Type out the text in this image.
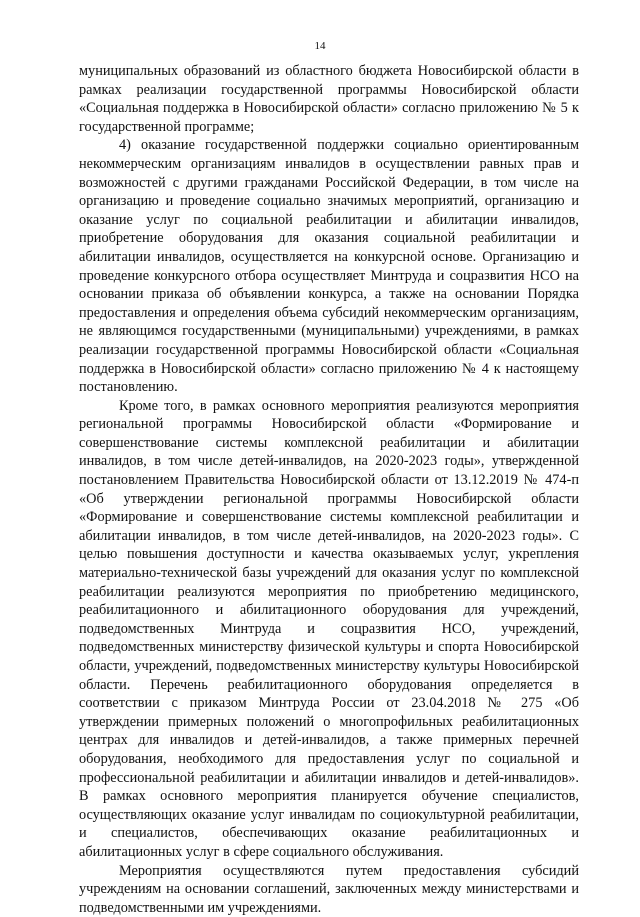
14

муниципальных образований из областного бюджета Новосибирской области в рамках реализации государственной программы Новосибирской области «Социальная поддержка в Новосибирской области» согласно приложению № 5 к государственной программе;

4) оказание государственной поддержки социально ориентированным некоммерческим организациям инвалидов в осуществлении равных прав и возможностей с другими гражданами Российской Федерации, в том числе на организацию и проведение социально значимых мероприятий, организацию и оказание услуг по социальной реабилитации и абилитации инвалидов, приобретение оборудования для оказания социальной реабилитации и абилитации инвалидов, осуществляется на конкурсной основе. Организацию и проведение конкурсного отбора осуществляет Минтруда и соцразвития НСО на основании приказа об объявлении конкурса, а также на основании Порядка предоставления и определения объема субсидий некоммерческим организациям, не являющимся государственными (муниципальными) учреждениями, в рамках реализации государственной программы Новосибирской области «Социальная поддержка в Новосибирской области» согласно приложению № 4 к настоящему постановлению.

Кроме того, в рамках основного мероприятия реализуются мероприятия региональной программы Новосибирской области «Формирование и совершенствование системы комплексной реабилитации и абилитации инвалидов, в том числе детей-инвалидов, на 2020-2023 годы», утвержденной постановлением Правительства Новосибирской области от 13.12.2019 № 474-п «Об утверждении региональной программы Новосибирской области «Формирование и совершенствование системы комплексной реабилитации и абилитации инвалидов, в том числе детей-инвалидов, на 2020-2023 годы». С целью повышения доступности и качества оказываемых услуг, укрепления материально-технической базы учреждений для оказания услуг по комплексной реабилитации реализуются мероприятия по приобретению медицинского, реабилитационного и абилитационного оборудования для учреждений, подведомственных Минтруда и соцразвития НСО, учреждений, подведомственных министерству физической культуры и спорта Новосибирской области, учреждений, подведомственных министерству культуры Новосибирской области. Перечень реабилитационного оборудования определяется в соответствии с приказом Минтруда России от 23.04.2018 № 275 «Об утверждении примерных положений о многопрофильных реабилитационных центрах для инвалидов и детей-инвалидов, а также примерных перечней оборудования, необходимого для предоставления услуг по социальной и профессиональной реабилитации и абилитации инвалидов и детей-инвалидов». В рамках основного мероприятия планируется обучение специалистов, осуществляющих оказание услуг инвалидам по социокультурной реабилитации, и специалистов, обеспечивающих оказание реабилитационных и абилитационных услуг в сфере социального обслуживания.

Мероприятия осуществляются путем предоставления субсидий учреждениям на основании соглашений, заключенных между министерствами и подведомственными им учреждениями.
